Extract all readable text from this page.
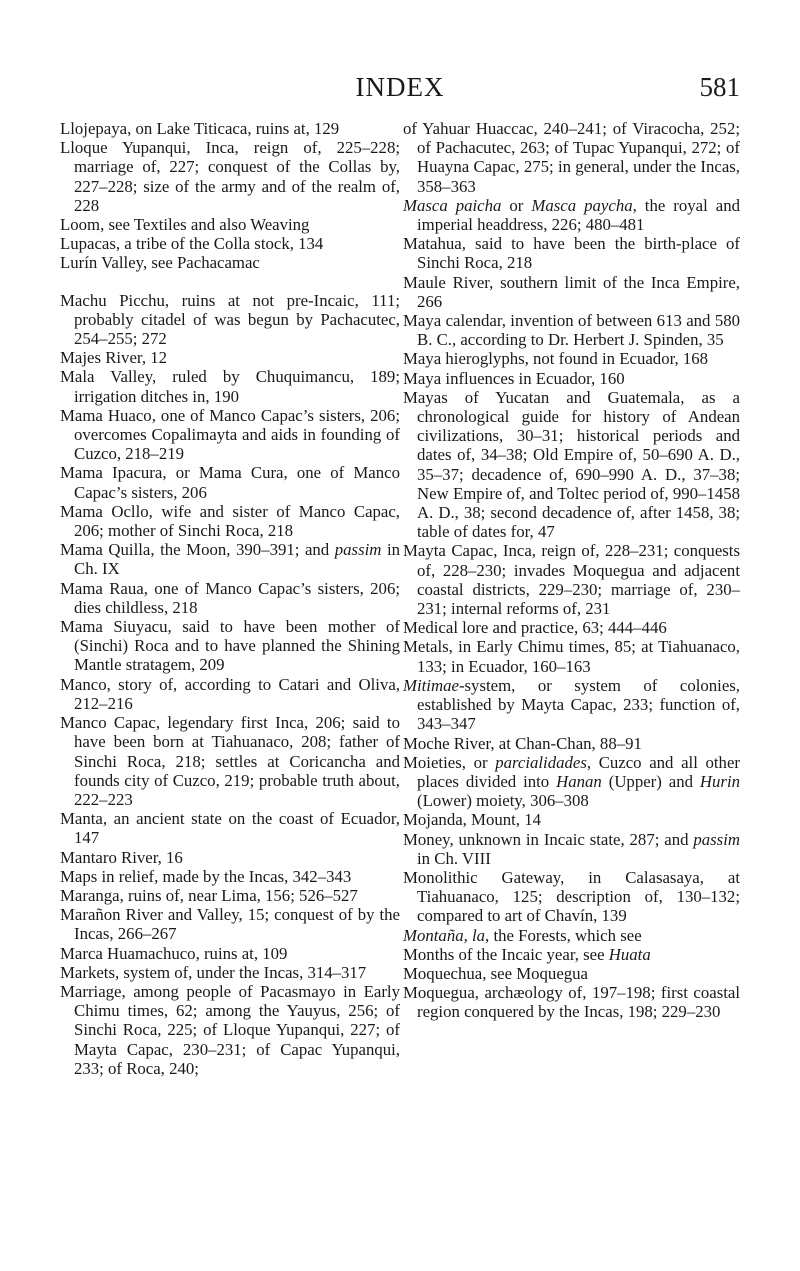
INDEX	581

Llojepaya, on Lake Titicaca, ruins at, 129

Lloque Yupanqui, Inca, reign of, 225–228; marriage of, 227; conquest of the Collas by, 227–228; size of the army and of the realm of, 228

Loom, see Textiles and also Weaving

Lupacas, a tribe of the Colla stock, 134

Lurín Valley, see Pachacamac

Machu Picchu, ruins at not pre-Incaic, 111; probably citadel of was begun by Pachacutec, 254–255; 272

Majes River, 12

Mala Valley, ruled by Chuquimancu, 189; irrigation ditches in, 190

Mama Huaco, one of Manco Capac’s sisters, 206; overcomes Copalimayta and aids in founding of Cuzco, 218–219

Mama Ipacura, or Mama Cura, one of Manco Capac’s sisters, 206

Mama Ocllo, wife and sister of Manco Capac, 206; mother of Sinchi Roca, 218

Mama Quilla, the Moon, 390–391; and passim in Ch. IX

Mama Raua, one of Manco Capac’s sisters, 206; dies childless, 218

Mama Siuyacu, said to have been mother of (Sinchi) Roca and to have planned the Shining Mantle stratagem, 209

Manco, story of, according to Catari and Oliva, 212–216

Manco Capac, legendary first Inca, 206; said to have been born at Tiahuanaco, 208; father of Sinchi Roca, 218; settles at Coricancha and founds city of Cuzco, 219; probable truth about, 222–223

Manta, an ancient state on the coast of Ecuador, 147

Mantaro River, 16

Maps in relief, made by the Incas, 342–343

Maranga, ruins of, near Lima, 156; 526–527

Marañon River and Valley, 15; conquest of by the Incas, 266–267

Marca Huamachuco, ruins at, 109

Markets, system of, under the Incas, 314–317

Marriage, among people of Pacasmayo in Early Chimu times, 62; among the Yauyus, 256; of Sinchi Roca, 225; of Lloque Yupanqui, 227; of Mayta Capac, 230–231; of Capac Yupanqui, 233; of Roca, 240;

of Yahuar Huaccac, 240–241; of Viracocha, 252; of Pachacutec, 263; of Tupac Yupanqui, 272; of Huayna Capac, 275; in general, under the Incas, 358–363

Masca paicha or Masca paycha, the royal and imperial headdress, 226; 480–481

Matahua, said to have been the birth-place of Sinchi Roca, 218

Maule River, southern limit of the Inca Empire, 266

Maya calendar, invention of between 613 and 580 B. C., according to Dr. Herbert J. Spinden, 35

Maya hieroglyphs, not found in Ecuador, 168

Maya influences in Ecuador, 160

Mayas of Yucatan and Guatemala, as a chronological guide for history of Andean civilizations, 30–31; historical periods and dates of, 34–38; Old Empire of, 50–690 A. D., 35–37; decadence of, 690–990 A. D., 37–38; New Empire of, and Toltec period of, 990–1458 A. D., 38; second decadence of, after 1458, 38; table of dates for, 47

Mayta Capac, Inca, reign of, 228–231; conquests of, 228–230; invades Moquegua and adjacent coastal districts, 229–230; marriage of, 230–231; internal reforms of, 231

Medical lore and practice, 63; 444–446

Metals, in Early Chimu times, 85; at Tiahuanaco, 133; in Ecuador, 160–163

Mitimae-system, or system of colonies, established by Mayta Capac, 233; function of, 343–347

Moche River, at Chan-Chan, 88–91

Moieties, or parcialidades, Cuzco and all other places divided into Hanan (Upper) and Hurin (Lower) moiety, 306–308

Mojanda, Mount, 14

Money, unknown in Incaic state, 287; and passim in Ch. VIII

Monolithic Gateway, in Calasasaya, at Tiahuanaco, 125; description of, 130–132; compared to art of Chavín, 139

Montaña, la, the Forests, which see

Months of the Incaic year, see Huata

Moquechua, see Moquegua

Moquegua, archæology of, 197–198; first coastal region conquered by the Incas, 198; 229–230
